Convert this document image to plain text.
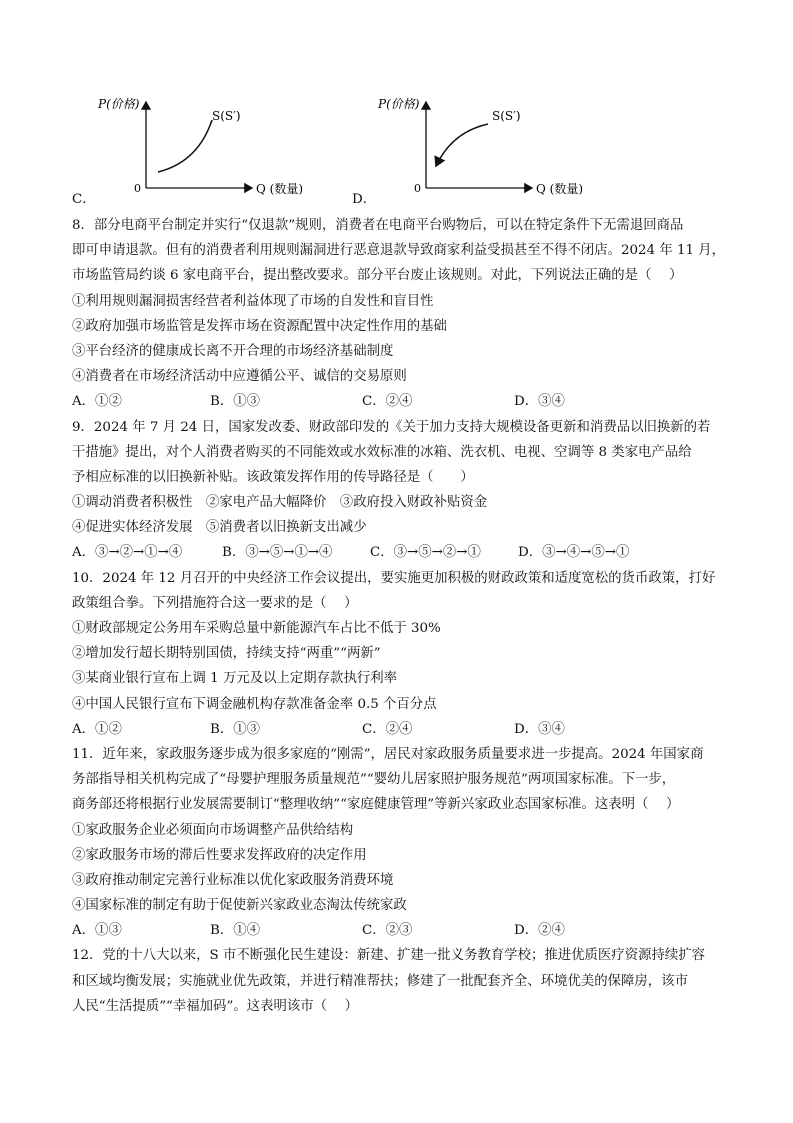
C．
P(价格)
Q (数量)
0
S(S′)
D．
P(价格)
Q (数量)
0
S(S′)
8．部分电商平台制定并实行“仅退款”规则，消费者在电商平台购物后，可以在特定条件下无需退回商品
即可申请退款。但有的消费者利用规则漏洞进行恶意退款导致商家利益受损甚至不得不闭店。2024 年 11 月，
市场监管局约谈 6 家电商平台，提出整改要求。部分平台废止该规则。对此，下列说法正确的是（　 ）
①利用规则漏洞损害经营者利益体现了市场的自发性和盲目性
②政府加强市场监管是发挥市场在资源配置中决定性作用的基础
③平台经济的健康成长离不开合理的市场经济基础制度
④消费者在市场经济活动中应遵循公平、诚信的交易原则
A．①②	B．①③	C．②④	D．③④
9．2024 年 7 月 24 日，国家发改委、财政部印发的《关于加力支持大规模设备更新和消费品以旧换新的若
干措施》提出，对个人消费者购买的不同能效或水效标准的冰箱、洗衣机、电视、空调等 8 类家电产品给
予相应标准的以旧换新补贴。该政策发挥作用的传导路径是（　　）
①调动消费者积极性　②家电产品大幅降价　③政府投入财政补贴资金
④促进实体经济发展　⑤消费者以旧换新支出减少
A．③→②→①→④	B．③→⑤→①→④	C．③→⑤→②→①	D．③→④→⑤→①
10．2024 年 12 月召开的中央经济工作会议提出，要实施更加积极的财政政策和适度宽松的货币政策，打好
政策组合拳。下列措施符合这一要求的是（　 ）
①财政部规定公务用车采购总量中新能源汽车占比不低于 30%
②增加发行超长期特别国债，持续支持“两重”“两新”
③某商业银行宣布上调 1 万元及以上定期存款执行利率
④中国人民银行宣布下调金融机构存款准备金率 0.5 个百分点
A．①②	B．①③	C．②④	D．③④
11．近年来，家政服务逐步成为很多家庭的“刚需”，居民对家政服务质量要求进一步提高。2024 年国家商
务部指导相关机构完成了“母婴护理服务质量规范”“婴幼儿居家照护服务规范”两项国家标准。下一步，
商务部还将根据行业发展需要制订“整理收纳”“家庭健康管理”等新兴家政业态国家标准。这表明（　 ）
①家政服务企业必须面向市场调整产品供给结构
②家政服务市场的滞后性要求发挥政府的决定作用
③政府推动制定完善行业标准以优化家政服务消费环境
④国家标准的制定有助于促使新兴家政业态淘汰传统家政
A．①③	B．①④	C．②③	D．②④
12．党的十八大以来，S 市不断强化民生建设：新建、扩建一批义务教育学校；推进优质医疗资源持续扩容
和区域均衡发展；实施就业优先政策，并进行精准帮扶；修建了一批配套齐全、环境优美的保障房，该市
人民“生活提质”“幸福加码”。这表明该市（　 ）
